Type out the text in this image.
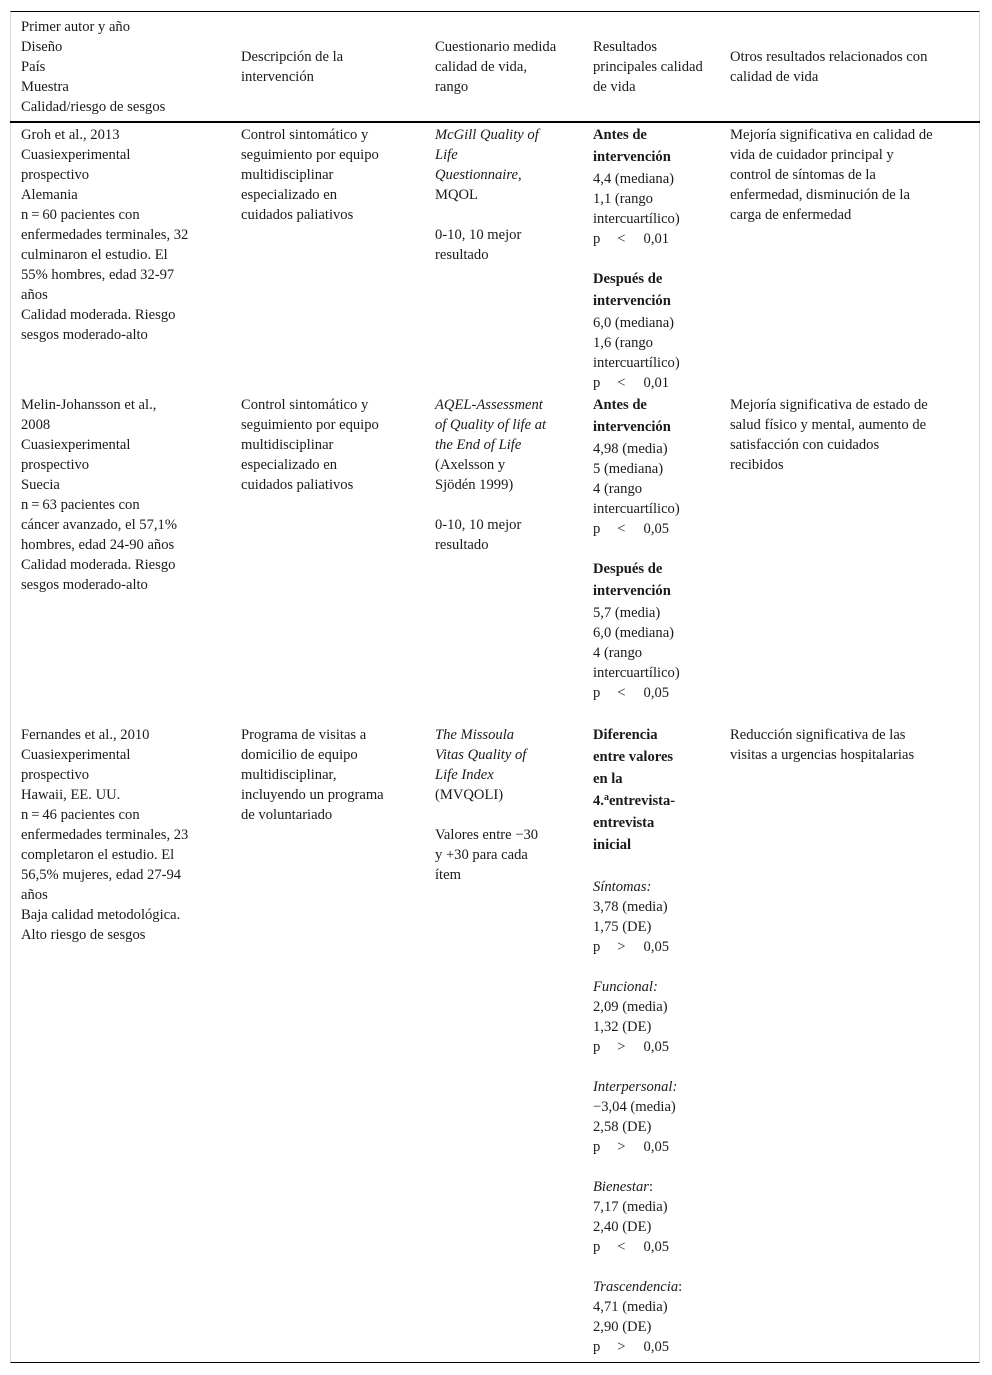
Primer autor y año
Diseño
País
Muestra
Calidad/riesgo de sesgos
Descripción de la
intervención
Cuestionario medida
calidad de vida,
rango
Resultados
principales calidad
de vida
Otros resultados relacionados con
calidad de vida
Groh et al., 2013
Cuasiexperimental
prospectivo
Alemania
n = 60 pacientes con
enfermedades terminales, 32
culminaron el estudio. El
55% hombres, edad 32-97
años
Calidad moderada. Riesgo
sesgos moderado-alto
Control sintomático y
seguimiento por equipo
multidisciplinar
especializado en
cuidados paliativos
McGill Quality of
Life
Questionnaire,
MQOL
0-10, 10 mejor
resultado
Antes de
intervención
4,4 (mediana)
1,1 (rango
intercuartílico)
p < 0,01
Después de
intervención
6,0 (mediana)
1,6 (rango
intercuartílico)
p < 0,01
Mejoría significativa en calidad de
vida de cuidador principal y
control de síntomas de la
enfermedad, disminución de la
carga de enfermedad
Melin-Johansson et al.,
2008
Cuasiexperimental
prospectivo
Suecia
n = 63 pacientes con
cáncer avanzado, el 57,1%
hombres, edad 24-90 años
Calidad moderada. Riesgo
sesgos moderado-alto
Control sintomático y
seguimiento por equipo
multidisciplinar
especializado en
cuidados paliativos
AQEL-Assessment
of Quality of life at
the End of Life
(Axelsson y
Sjödén 1999)
0-10, 10 mejor
resultado
Antes de
intervención
4,98 (media)
5 (mediana)
4 (rango
intercuartílico)
p < 0,05
Después de
intervención
5,7 (media)
6,0 (mediana)
4 (rango
intercuartílico)
p < 0,05
Mejoría significativa de estado de
salud físico y mental, aumento de
satisfacción con cuidados
recibidos
Fernandes et al., 2010
Cuasiexperimental
prospectivo
Hawaii, EE. UU.
n = 46 pacientes con
enfermedades terminales, 23
completaron el estudio. El
56,5% mujeres, edad 27-94
años
Baja calidad metodológica.
Alto riesgo de sesgos
Programa de visitas a
domicilio de equipo
multidisciplinar,
incluyendo un programa
de voluntariado
The Missoula
Vitas Quality of
Life Index
(MVQOLI)
Valores entre −30
y +30 para cada
ítem
Diferencia
entre valores
en la
4.$^a$entrevista-
entrevista
inicial
Síntomas:
3,78 (media)
1,75 (DE)
p > 0,05
Funcional:
2,09 (media)
1,32 (DE)
p > 0,05
Interpersonal:
−3,04 (media)
2,58 (DE)
p > 0,05
Bienestar:
7,17 (media)
2,40 (DE)
p < 0,05
Trascendencia:
4,71 (media)
2,90 (DE)
p > 0,05
Reducción significativa de las
visitas a urgencias hospitalarias
